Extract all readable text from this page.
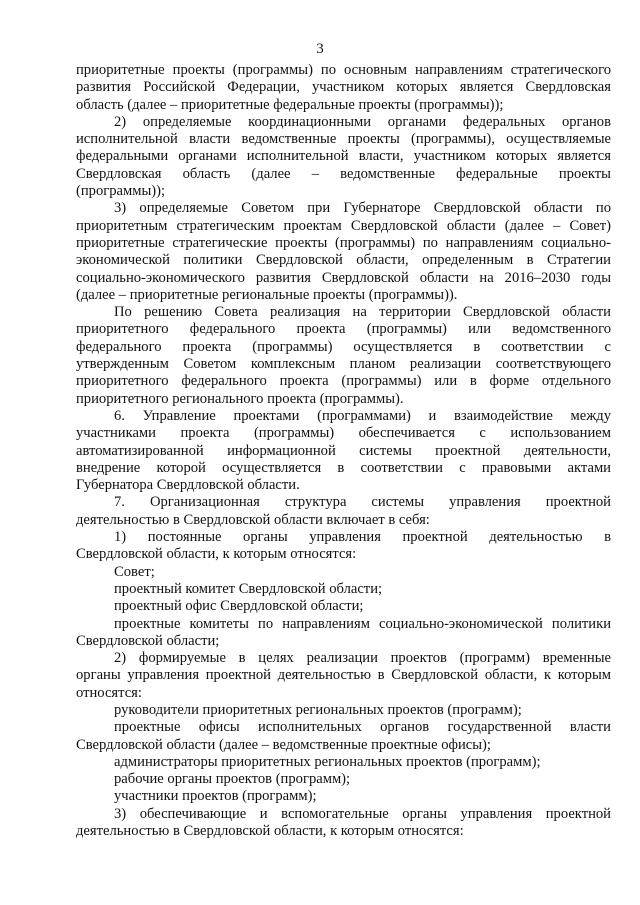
3

приоритетные проекты (программы) по основным направлениям стратегического
развития Российской Федерации, участником которых является Свердловская
область (далее – приоритетные федеральные проекты (программы));

2) определяемые координационными органами федеральных органов
исполнительной власти ведомственные проекты (программы), осуществляемые
федеральными органами исполнительной власти, участником которых является
Свердловская область (далее – ведомственные федеральные проекты
(программы));

3) определяемые Советом при Губернаторе Свердловской области по
приоритетным стратегическим проектам Свердловской области (далее – Совет)
приоритетные стратегические проекты (программы) по направлениям социально-
экономической политики Свердловской области, определенным в Стратегии
социально-экономического развития Свердловской области на 2016–2030 годы
(далее – приоритетные региональные проекты (программы)).

По решению Совета реализация на территории Свердловской области
приоритетного федерального проекта (программы) или ведомственного
федерального проекта (программы) осуществляется в соответствии с
утвержденным Советом комплексным планом реализации соответствующего
приоритетного федерального проекта (программы) или в форме отдельного
приоритетного регионального проекта (программы).

6. Управление проектами (программами) и взаимодействие между
участниками проекта (программы) обеспечивается с использованием
автоматизированной информационной системы проектной деятельности,
внедрение которой осуществляется в соответствии с правовыми актами
Губернатора Свердловской области.

7. Организационная структура системы управления проектной
деятельностью в Свердловской области включает в себя:

1) постоянные органы управления проектной деятельностью в
Свердловской области, к которым относятся:

Совет;

проектный комитет Свердловской области;

проектный офис Свердловской области;

проектные комитеты по направлениям социально-экономической политики
Свердловской области;

2) формируемые в целях реализации проектов (программ) временные
органы управления проектной деятельностью в Свердловской области, к которым
относятся:

руководители приоритетных региональных проектов (программ);

проектные офисы исполнительных органов государственной власти
Свердловской области (далее – ведомственные проектные офисы);

администраторы приоритетных региональных проектов (программ);

рабочие органы проектов (программ);

участники проектов (программ);

3) обеспечивающие и вспомогательные органы управления проектной
деятельностью в Свердловской области, к которым относятся:
